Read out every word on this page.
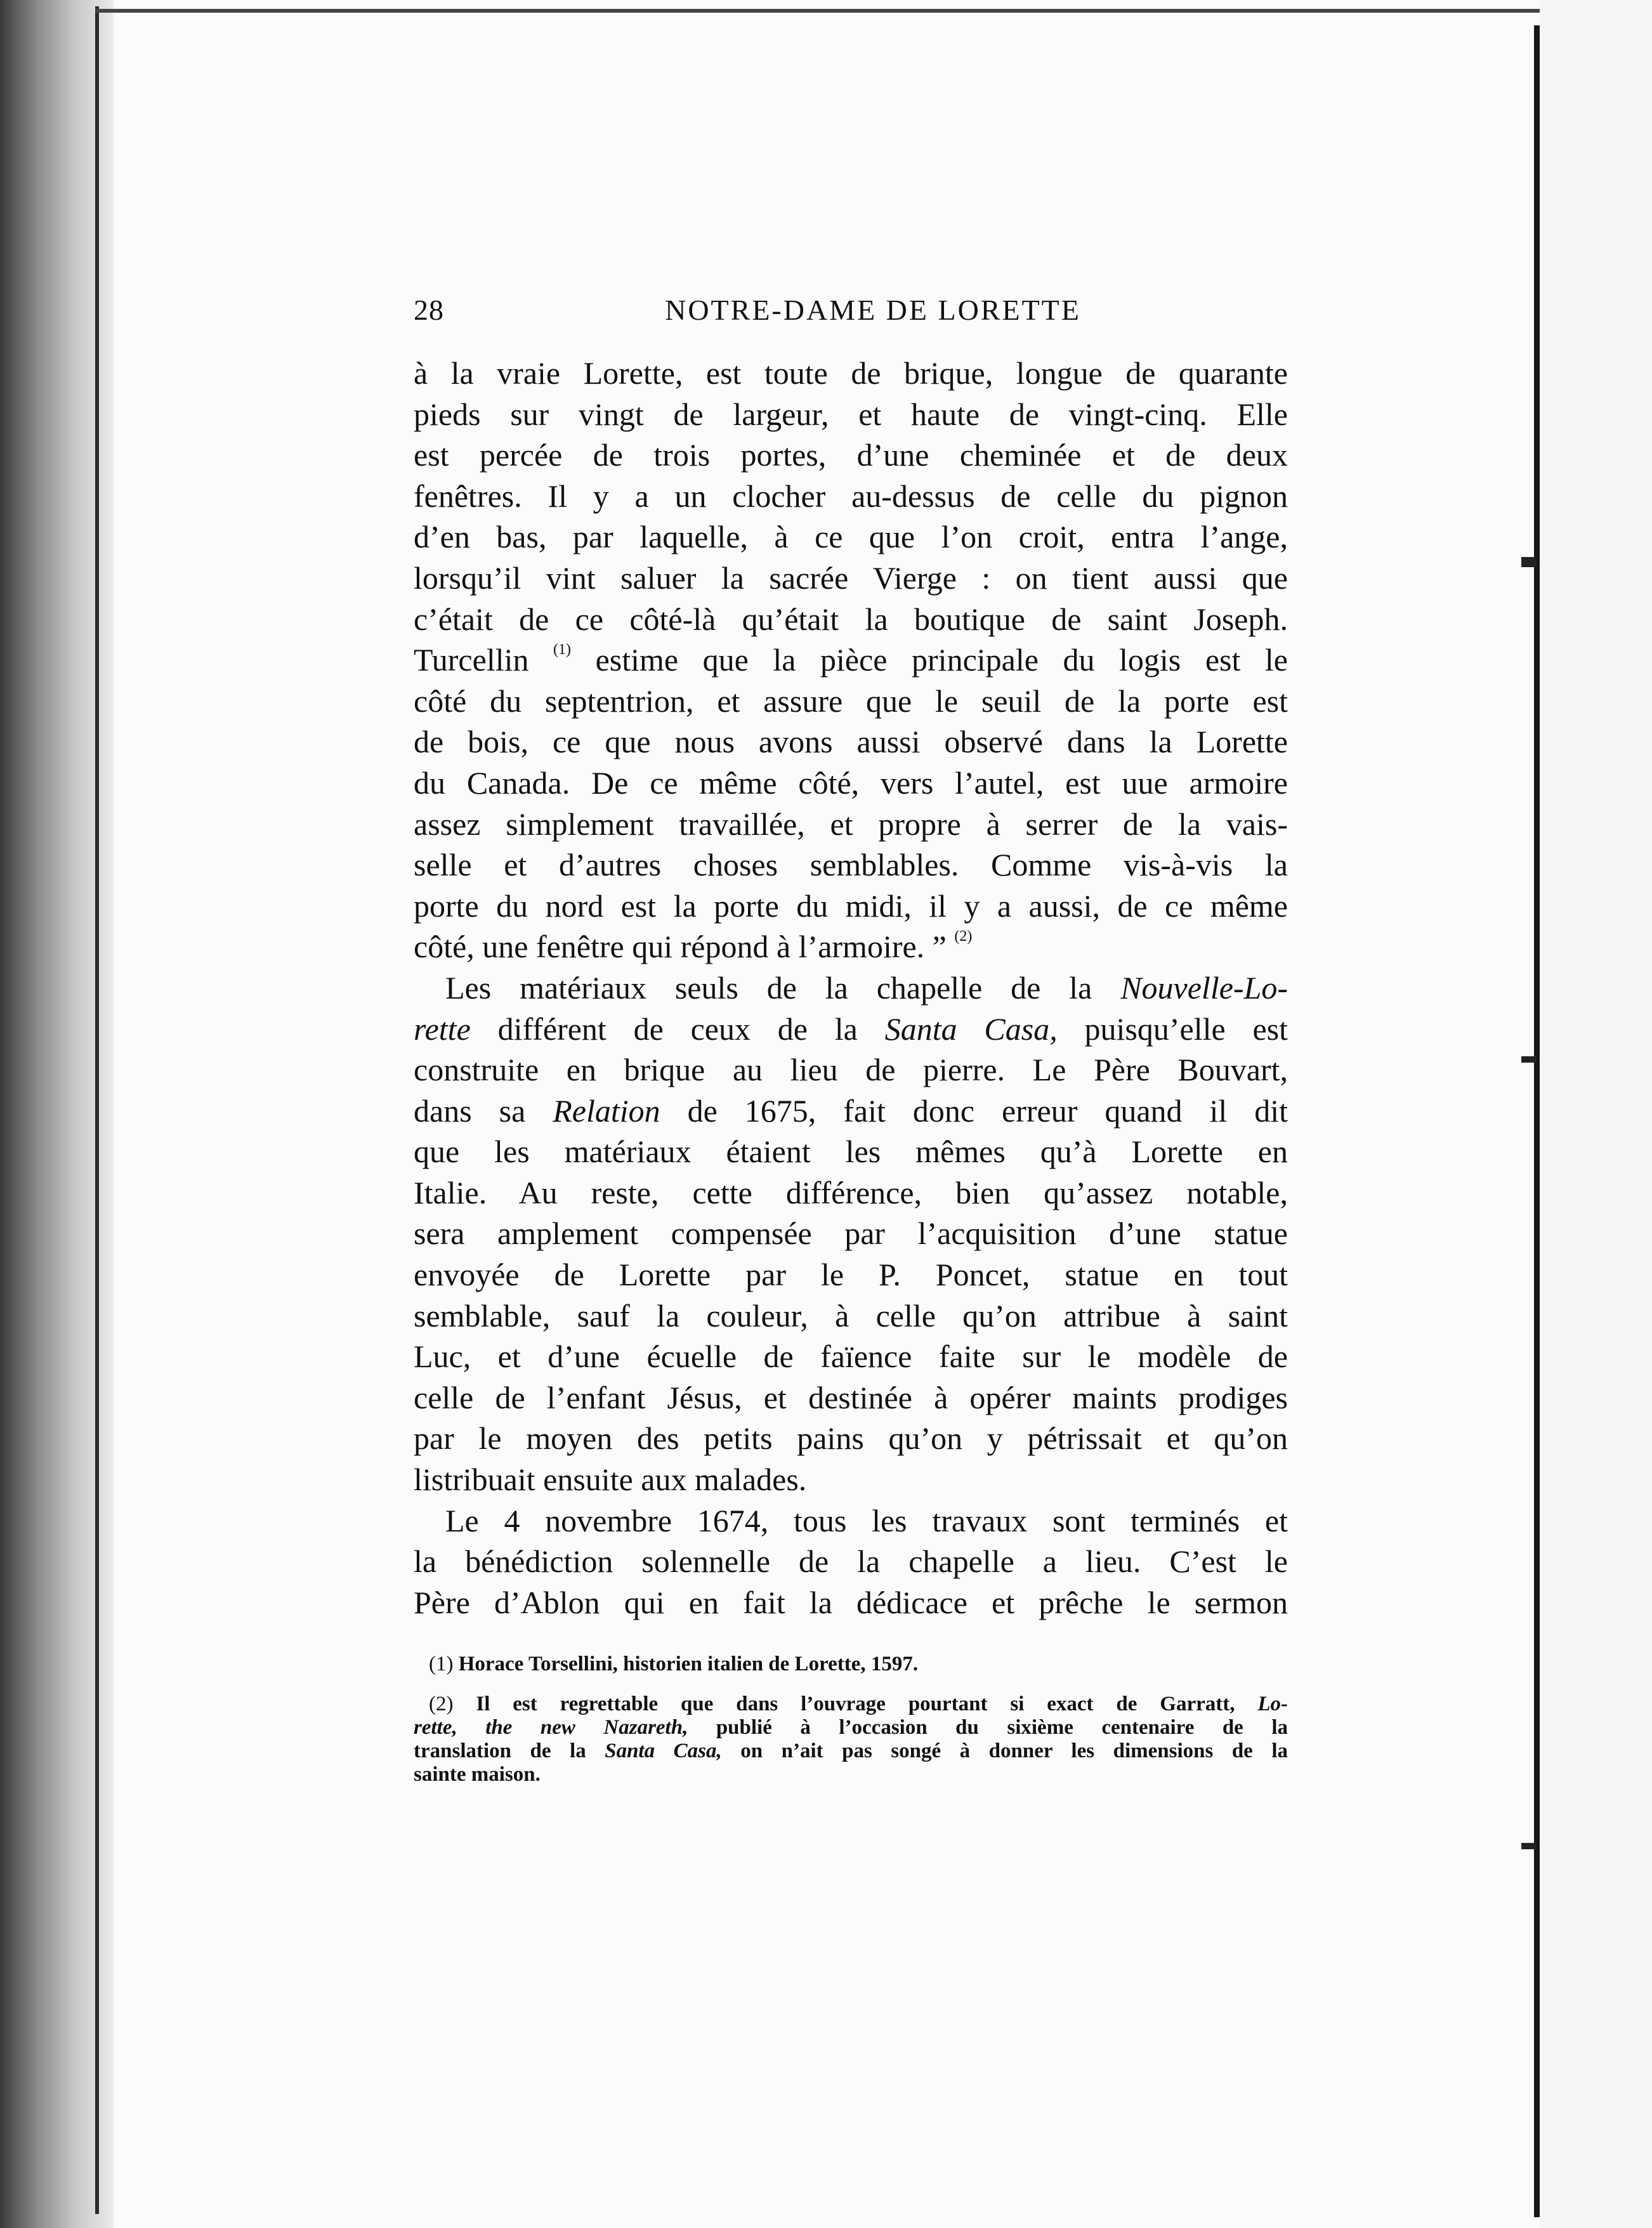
28	NOTRE-DAME DE LORETTE
à la vraie Lorette, est toute de brique, longue de quarante
pieds sur vingt de largeur, et haute de vingt-cinq. Elle
est percée de trois portes, d’une cheminée et de deux
fenêtres. Il y a un clocher au-dessus de celle du pignon
d’en bas, par laquelle, à ce que l’on croit, entra l’ange,
lorsqu’il vint saluer la sacrée Vierge : on tient aussi que
c’était de ce côté-là qu’était la boutique de saint Joseph.
Turcellin $^{(1)}$ estime que la pièce principale du logis est le
côté du septentrion, et assure que le seuil de la porte est
de bois, ce que nous avons aussi observé dans la Lorette
du Canada. De ce même côté, vers l’autel, est uue armoire
assez simplement travaillée, et propre à serrer de la vais-
selle et d’autres choses semblables. Comme vis-à-vis la
porte du nord est la porte du midi, il y a aussi, de ce même
côté, une fenêtre qui répond à l’armoire. ” $^{(2)}$
Les matériaux seuls de la chapelle de la Nouvelle-Lo-
rette différent de ceux de la Santa Casa, puisqu’elle est
construite en brique au lieu de pierre. Le Père Bouvart,
dans sa Relation de 1675, fait donc erreur quand il dit
que les matériaux étaient les mêmes qu’à Lorette en
Italie. Au reste, cette différence, bien qu’assez notable,
sera amplement compensée par l’acquisition d’une statue
envoyée de Lorette par le P. Poncet, statue en tout
semblable, sauf la couleur, à celle qu’on attribue à saint
Luc, et d’une écuelle de faïence faite sur le modèle de
celle de l’enfant Jésus, et destinée à opérer maints prodiges
par le moyen des petits pains qu’on y pétrissait et qu’on
listribuait ensuite aux malades.
Le 4 novembre 1674, tous les travaux sont terminés et
la bénédiction solennelle de la chapelle a lieu. C’est le
Père d’Ablon qui en fait la dédicace et prêche le sermon
(1) Horace Torsellini, historien italien de Lorette, 1597.
(2) Il est regrettable que dans l’ouvrage pourtant si exact de Garratt, Lo-
rette, the new Nazareth, publié à l’occasion du sixième centenaire de la
translation de la Santa Casa, on n’ait pas songé à donner les dimensions de la
sainte maison.
